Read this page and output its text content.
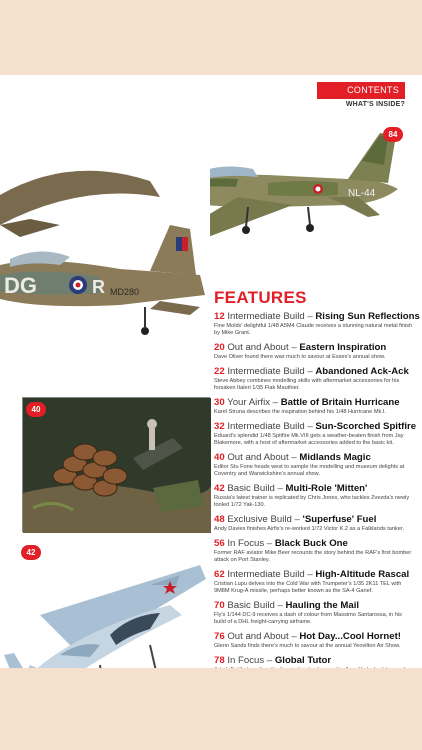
CONTENTS
WHAT'S INSIDE?
NL-44
84
DG	R MD280
40
42
FEATURES
12 Intermediate Build – Rising Sun Reflections
Fine Molds' delightful 1/48 A5M4 Claude receives a stunning natural metal finish by Mike Grant.
20 Out and About – Eastern Inspiration
Dave Oliver found there was much to savour at Essex's annual show.
22 Intermediate Build – Abandoned Ack-Ack
Steve Abbey combines modelling skills with aftermarket accessories for his forsaken Italeri 1/35 Flak Mauthier.
30 Your Airfix – Battle of Britain Hurricane
Karel Struna describes the inspiration behind his 1/48 Hurricane Mk.I.
32 Intermediate Build – Sun-Scorched Spitfire
Eduard's splendid 1/48 Spitfire Mk.VIII gets a weather-beaten finish from Jay Blakemore, with a host of aftermarket accessories added to the basic kit.
40 Out and About – Midlands Magic
Editor Stu Fone heads west to sample the modelling and museum delights at Coventry and Warwickshire's annual show.
42 Basic Build – Multi-Role 'Mitten'
Russia's latest trainer is replicated by Chris Jones, who tackles Zvezda's newly tooled 1/72 Yak-130.
48 Exclusive Build – 'Superfuse' Fuel
Andy Davies finishes Airfix's re-worked 1/72 Victor K.2 as a Falklands tanker.
56 In Focus – Black Buck One
Former RAF aviator Mike Beer recounts the story behind the RAF's first bomber attack on Port Stanley.
62 Intermediate Build – High-Altitude Rascal
Cristian Lupu delves into the Cold War with Trumpeter's 1/35 2K11 TEL with 9M8M Krug-A missile, perhaps better known as the SA-4 Ganef.
70 Basic Build – Hauling the Mail
Fly's 1/144 DC-9 receives a dash of colour from Massimo Santarossa, in his build of a DHL freight-carrying airframe.
76 Out and About – Hot Day...Cool Hornet!
Glenn Sands finds there's much to savour at the annual Yeovilton Air Show.
78 In Focus – Global Tutor
